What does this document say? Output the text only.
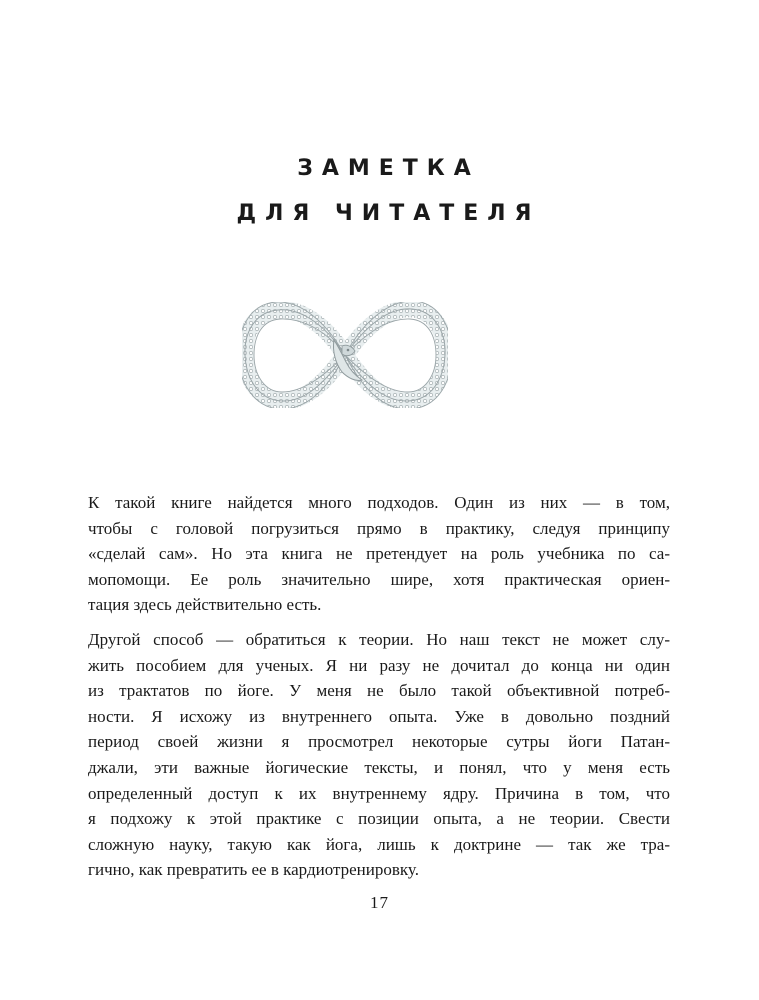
ЗАМЕТКА
ДЛЯ ЧИТАТЕЛЯ
К такой книге найдется много подходов. Один из них — в том,
чтобы с головой погрузиться прямо в практику, следуя принципу
«сделай сам». Но эта книга не претендует на роль учебника по са-
мопомощи. Ее роль значительно шире, хотя практическая ориен-
тация здесь действительно есть.
Другой способ — обратиться к теории. Но наш текст не может слу-
жить пособием для ученых. Я ни разу не дочитал до конца ни один
из трактатов по йоге. У меня не было такой объективной потреб-
ности. Я исхожу из внутреннего опыта. Уже в довольно поздний
период своей жизни я просмотрел некоторые сутры йоги Патан-
джали, эти важные йогические тексты, и понял, что у меня есть
определенный доступ к их внутреннему ядру. Причина в том, что
я подхожу к этой практике с позиции опыта, а не теории. Свести
сложную науку, такую как йога, лишь к доктрине — так же тра-
гично, как превратить ее в кардиотренировку.
17
